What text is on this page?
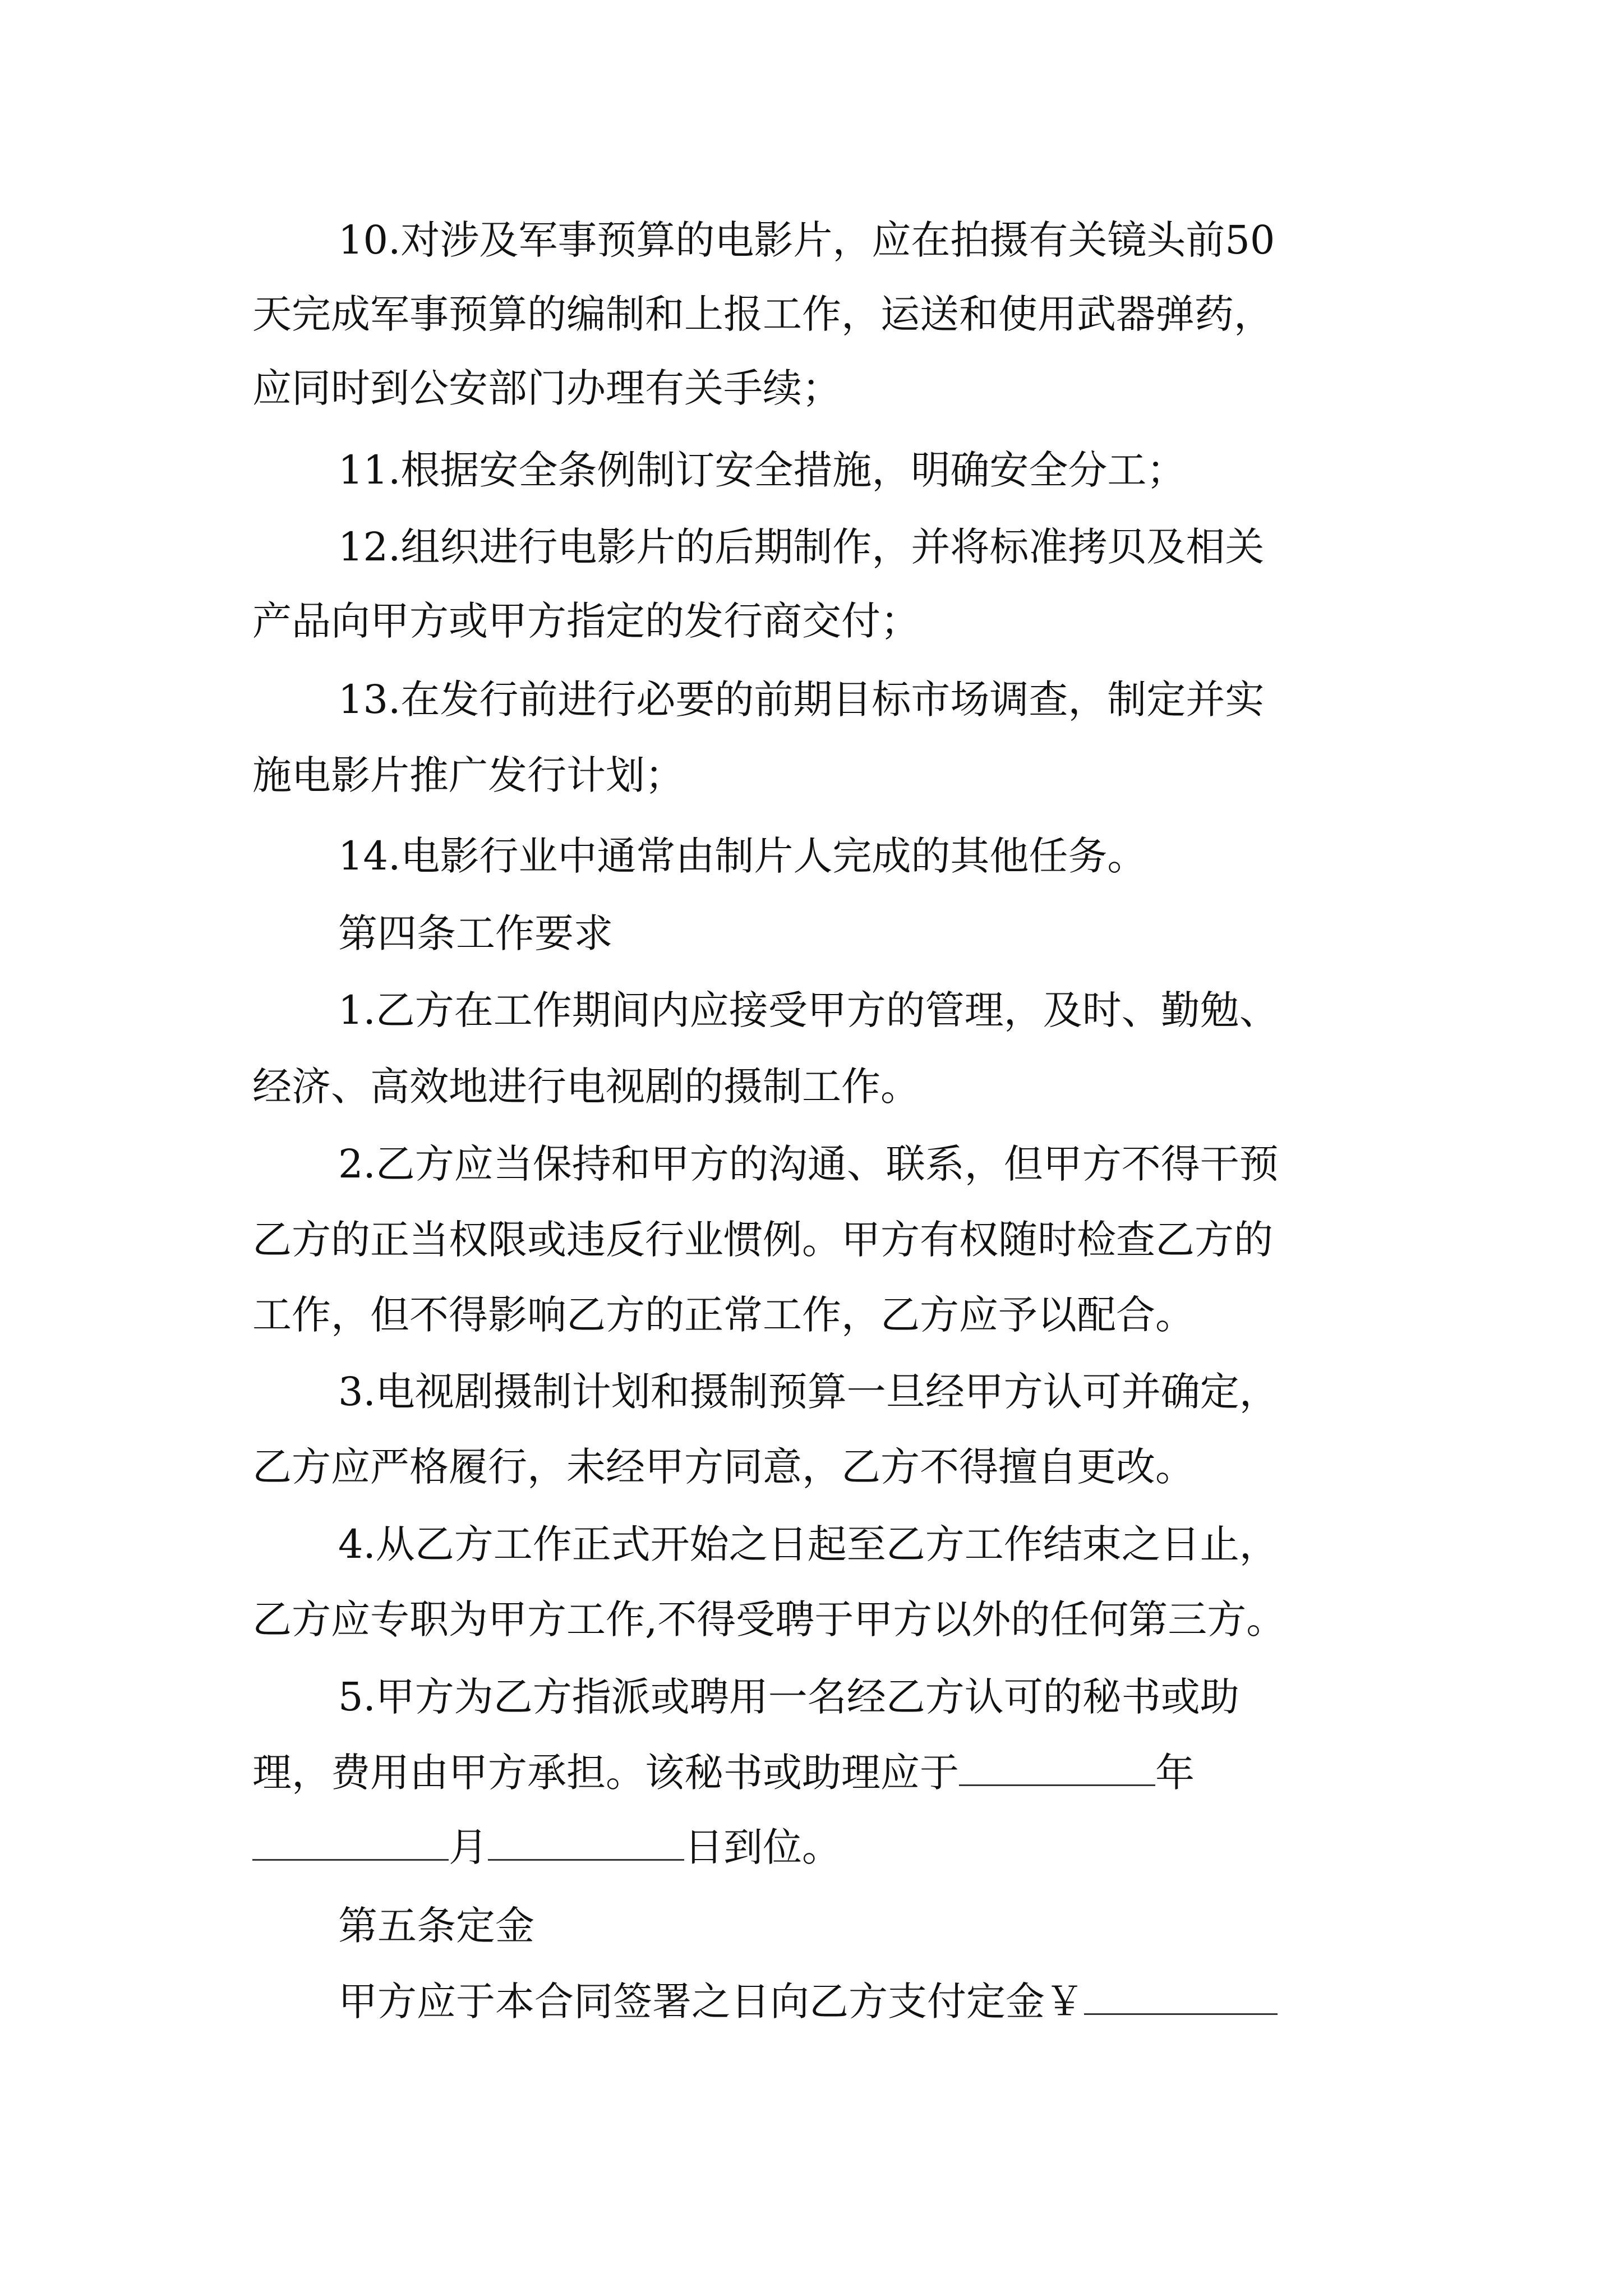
10.对涉及军事预算的电影片，应在拍摄有关镜头前50
天完成军事预算的编制和上报工作，运送和使用武器弹药，
应同时到公安部门办理有关手续；
11.根据安全条例制订安全措施，明确安全分工；
12.组织进行电影片的后期制作，并将标准拷贝及相关
产品向甲方或甲方指定的发行商交付；
13.在发行前进行必要的前期目标市场调查，制定并实
施电影片推广发行计划；
14.电影行业中通常由制片人完成的其他任务。
第四条工作要求
1.乙方在工作期间内应接受甲方的管理，及时、勤勉、
经济、高效地进行电视剧的摄制工作。
2.乙方应当保持和甲方的沟通、联系，但甲方不得干预
乙方的正当权限或违反行业惯例。甲方有权随时检查乙方的
工作，但不得影响乙方的正常工作，乙方应予以配合。
3.电视剧摄制计划和摄制预算一旦经甲方认可并确定，
乙方应严格履行，未经甲方同意，乙方不得擅自更改。
4.从乙方工作正式开始之日起至乙方工作结束之日止，
乙方应专职为甲方工作,不得受聘于甲方以外的任何第三方。
5.甲方为乙方指派或聘用一名经乙方认可的秘书或助
理，费用由甲方承担。该秘书或助理应于	年
月	日到位。
第五条定金
甲方应于本合同签署之日向乙方支付定金￥
